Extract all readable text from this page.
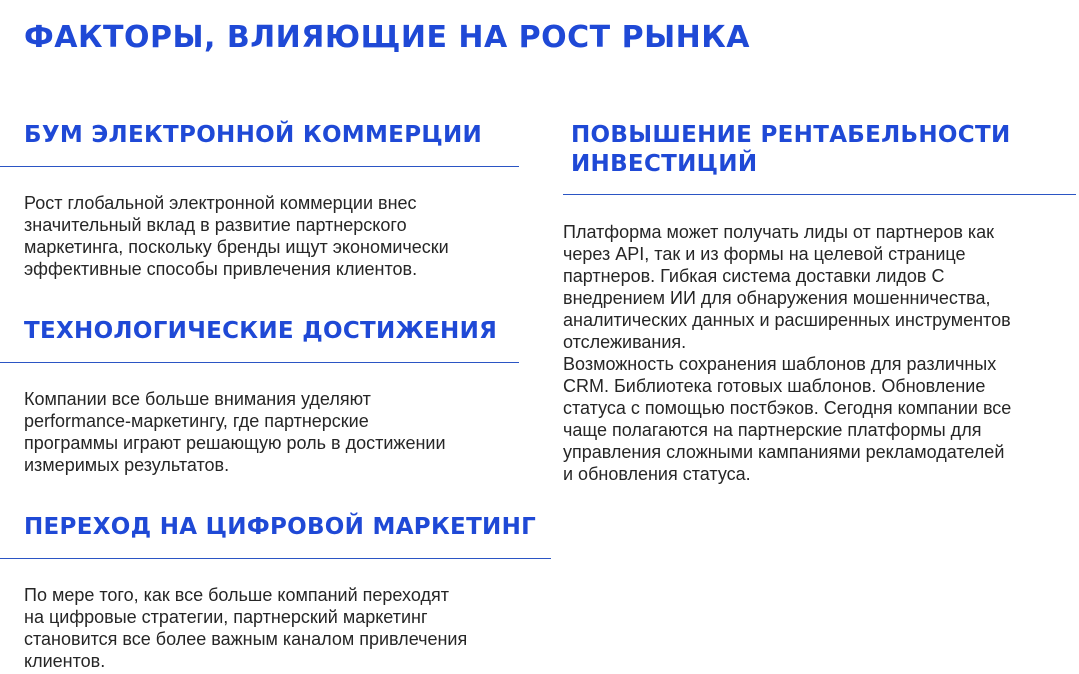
ФАКТОРЫ, ВЛИЯЮЩИЕ НА РОСТ РЫНКА
БУМ ЭЛЕКТРОННОЙ КОММЕРЦИИ
Рост глобальной электронной коммерции внес
значительный вклад в развитие партнерского
маркетинга, поскольку бренды ищут экономически
эффективные способы привлечения клиентов.
ТЕХНОЛОГИЧЕСКИЕ ДОСТИЖЕНИЯ
Компании все больше внимания уделяют
performance-маркетингу, где партнерские
программы играют решающую роль в достижении
измеримых результатов.
ПЕРЕХОД НА ЦИФРОВОЙ МАРКЕТИНГ
По мере того, как все больше компаний переходят
на цифровые стратегии, партнерский маркетинг
становится все более важным каналом привлечения
клиентов.
ПОВЫШЕНИЕ РЕНТАБЕЛЬНОСТИ
ИНВЕСТИЦИЙ
Платформа может получать лиды от партнеров как
через API, так и из формы на целевой странице
партнеров. Гибкая система доставки лидов С
внедрением ИИ для обнаружения мошенничества,
аналитических данных и расширенных инструментов
отслеживания.
Возможность сохранения шаблонов для различных
CRM. Библиотека готовых шаблонов. Обновление
статуса с помощью постбэков. Сегодня компании все
чаще полагаются на партнерские платформы для
управления сложными кампаниями рекламодателей
и обновления статуса.
